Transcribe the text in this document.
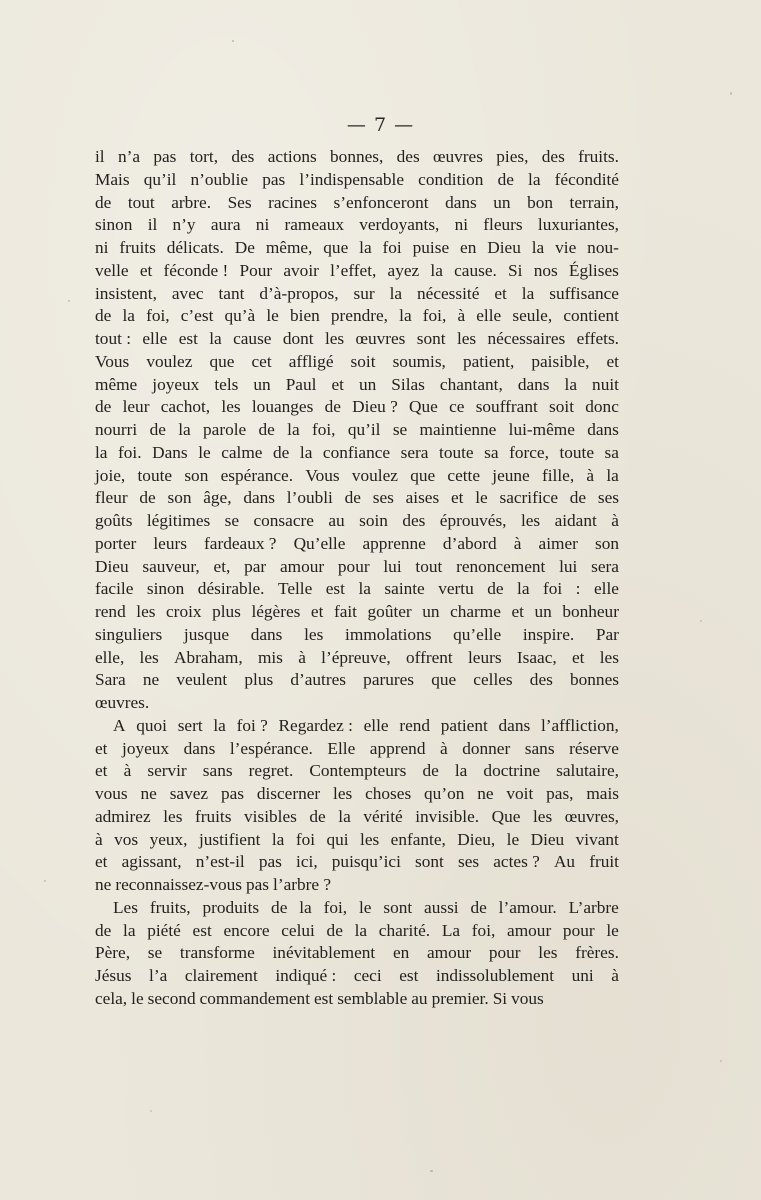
— 7 —
il n’a pas tort, des actions bonnes, des œuvres pies, des fruits.
Mais qu’il n’oublie pas l’indispensable condition de la fécondité
de tout arbre. Ses racines s’enfonceront dans un bon terrain,
sinon il n’y aura ni rameaux verdoyants, ni fleurs luxuriantes,
ni fruits délicats. De même, que la foi puise en Dieu la vie nou-
velle et féconde ! Pour avoir l’effet, ayez la cause. Si nos Églises
insistent, avec tant d’à-propos, sur la nécessité et la suffisance
de la foi, c’est qu’à le bien prendre, la foi, à elle seule, contient
tout : elle est la cause dont les œuvres sont les nécessaires effets.
Vous voulez que cet affligé soit soumis, patient, paisible, et
même joyeux tels un Paul et un Silas chantant, dans la nuit
de leur cachot, les louanges de Dieu ? Que ce souffrant soit donc
nourri de la parole de la foi, qu’il se maintienne lui-même dans
la foi. Dans le calme de la confiance sera toute sa force, toute sa
joie, toute son espérance. Vous voulez que cette jeune fille, à la
fleur de son âge, dans l’oubli de ses aises et le sacrifice de ses
goûts légitimes se consacre au soin des éprouvés, les aidant à
porter leurs fardeaux ? Qu’elle apprenne d’abord à aimer son
Dieu sauveur, et, par amour pour lui tout renoncement lui sera
facile sinon désirable. Telle est la sainte vertu de la foi : elle
rend les croix plus légères et fait goûter un charme et un bonheur
singuliers jusque dans les immolations qu’elle inspire. Par
elle, les Abraham, mis à l’épreuve, offrent leurs Isaac, et les
Sara ne veulent plus d’autres parures que celles des bonnes
œuvres.
A quoi sert la foi ? Regardez : elle rend patient dans l’affliction,
et joyeux dans l’espérance. Elle apprend à donner sans réserve
et à servir sans regret. Contempteurs de la doctrine salutaire,
vous ne savez pas discerner les choses qu’on ne voit pas, mais
admirez les fruits visibles de la vérité invisible. Que les œuvres,
à vos yeux, justifient la foi qui les enfante, Dieu, le Dieu vivant
et agissant, n’est-il pas ici, puisqu’ici sont ses actes ? Au fruit
ne reconnaissez-vous pas l’arbre ?
Les fruits, produits de la foi, le sont aussi de l’amour. L’arbre
de la piété est encore celui de la charité. La foi, amour pour le
Père, se transforme inévitablement en amour pour les frères.
Jésus l’a clairement indiqué : ceci est indissolublement uni à
cela, le second commandement est semblable au premier. Si vous
